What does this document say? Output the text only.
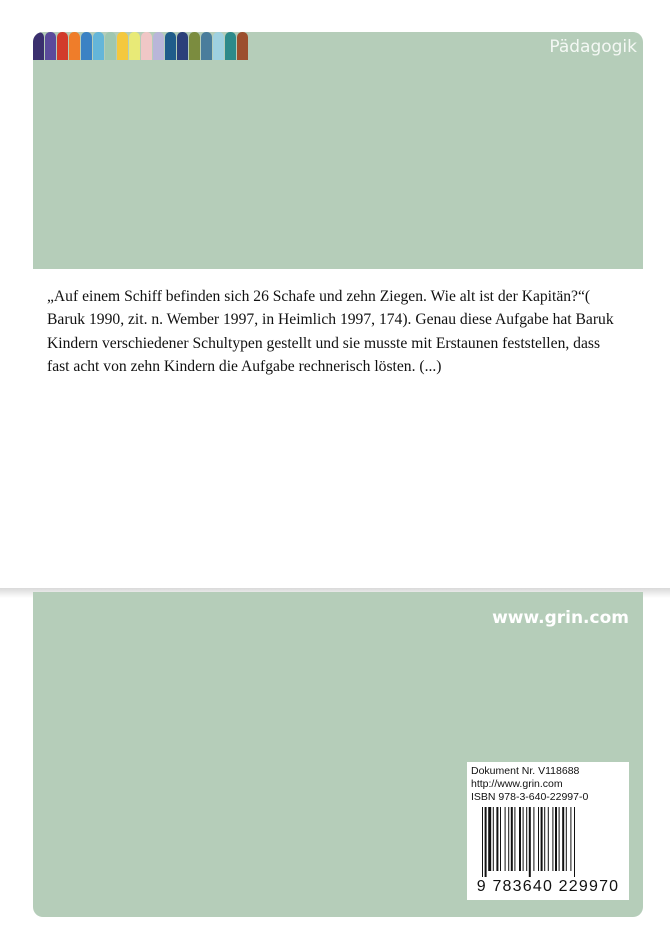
Pädagogik

„Auf einem Schiff befinden sich 26 Schafe und zehn Ziegen. Wie alt ist der Kapitän?“( Baruk 1990, zit. n. Wember 1997, in Heimlich 1997, 174). Genau diese Aufgabe hat Baruk Kindern verschiedener Schultypen gestellt und sie musste mit Erstaunen feststellen, dass fast acht von zehn Kindern die Aufgabe rechnerisch lösten. (...)

www.grin.com
Dokument Nr. V118688
http://www.grin.com
ISBN 978-3-640-22997-0
9 783640 229970
